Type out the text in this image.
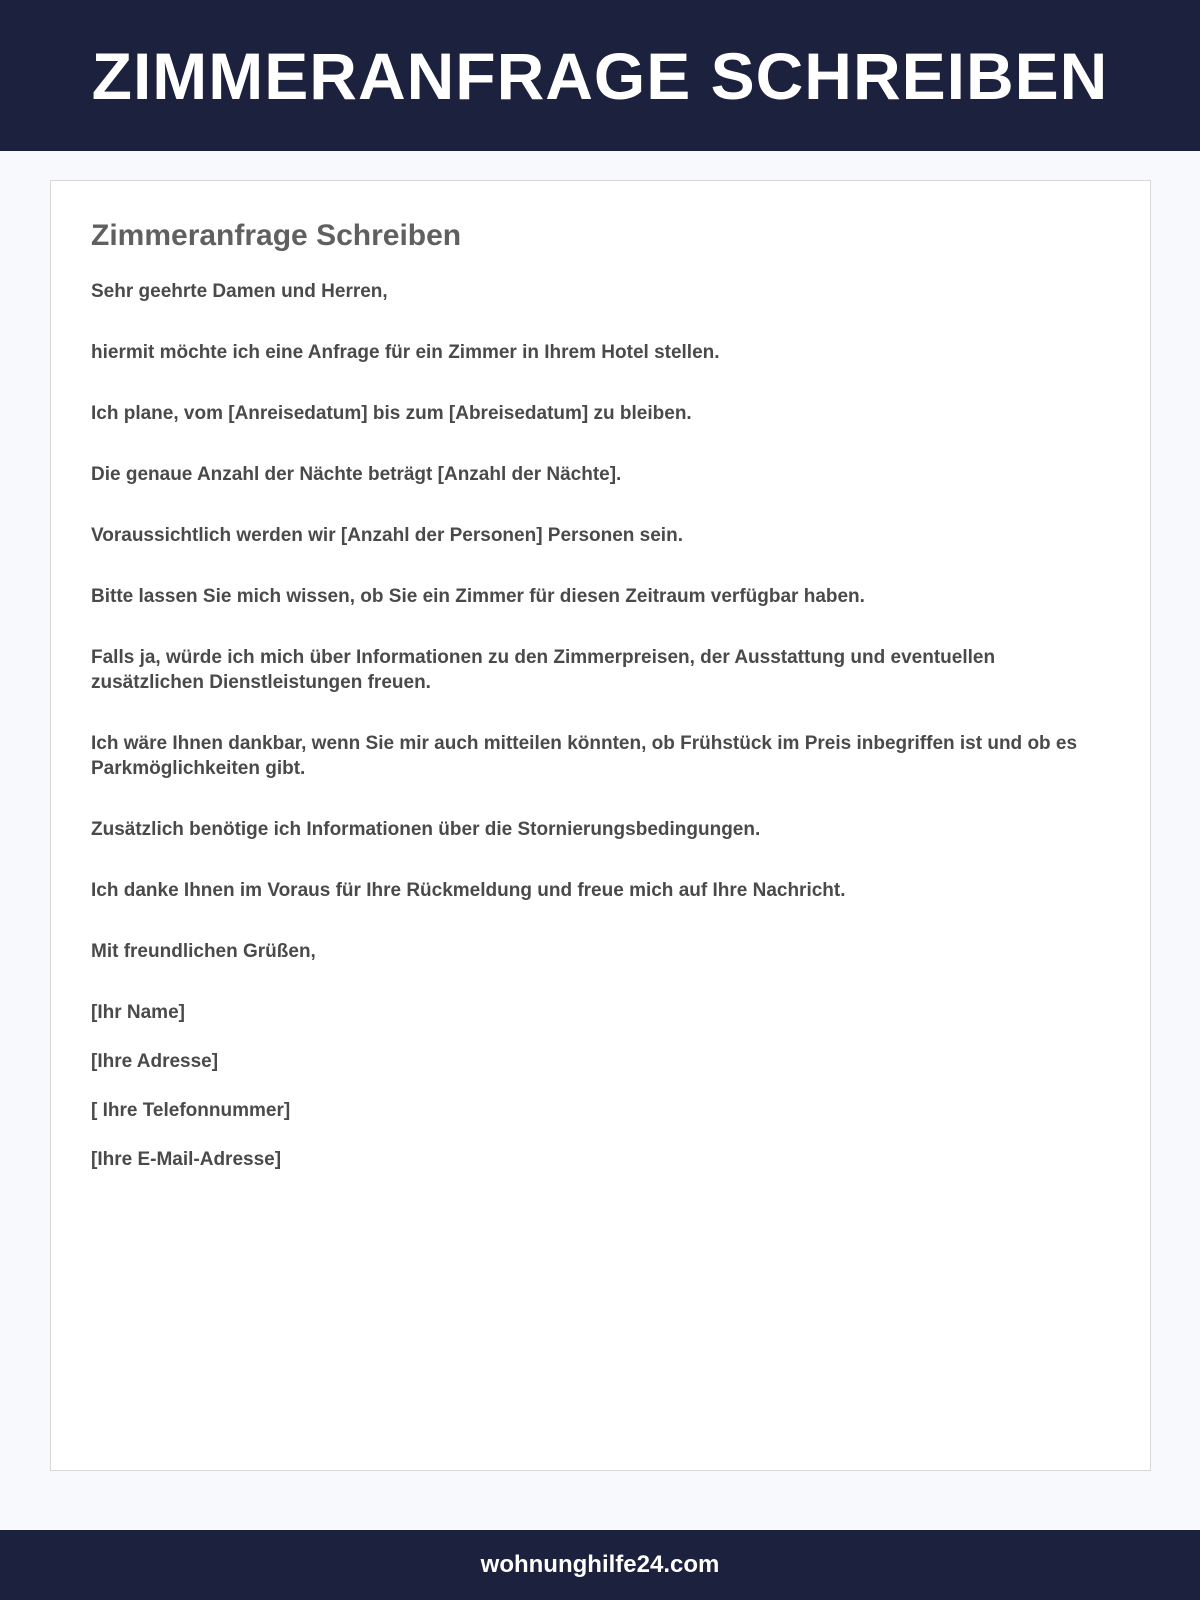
ZIMMERANFRAGE SCHREIBEN
Zimmeranfrage Schreiben

Sehr geehrte Damen und Herren,

hiermit möchte ich eine Anfrage für ein Zimmer in Ihrem Hotel stellen.

Ich plane, vom [Anreisedatum] bis zum [Abreisedatum] zu bleiben.

Die genaue Anzahl der Nächte beträgt [Anzahl der Nächte].

Voraussichtlich werden wir [Anzahl der Personen] Personen sein.

Bitte lassen Sie mich wissen, ob Sie ein Zimmer für diesen Zeitraum verfügbar haben.

Falls ja, würde ich mich über Informationen zu den Zimmerpreisen, der Ausstattung und eventuellen zusätzlichen Dienstleistungen freuen.

Ich wäre Ihnen dankbar, wenn Sie mir auch mitteilen könnten, ob Frühstück im Preis inbegriffen ist und ob es Parkmöglichkeiten gibt.

Zusätzlich benötige ich Informationen über die Stornierungsbedingungen.

Ich danke Ihnen im Voraus für Ihre Rückmeldung und freue mich auf Ihre Nachricht.

Mit freundlichen Grüßen,

[Ihr Name]

[Ihre Adresse]

[ Ihre Telefonnummer]

[Ihre E-Mail-Adresse]

wohnunghilfe24.com
